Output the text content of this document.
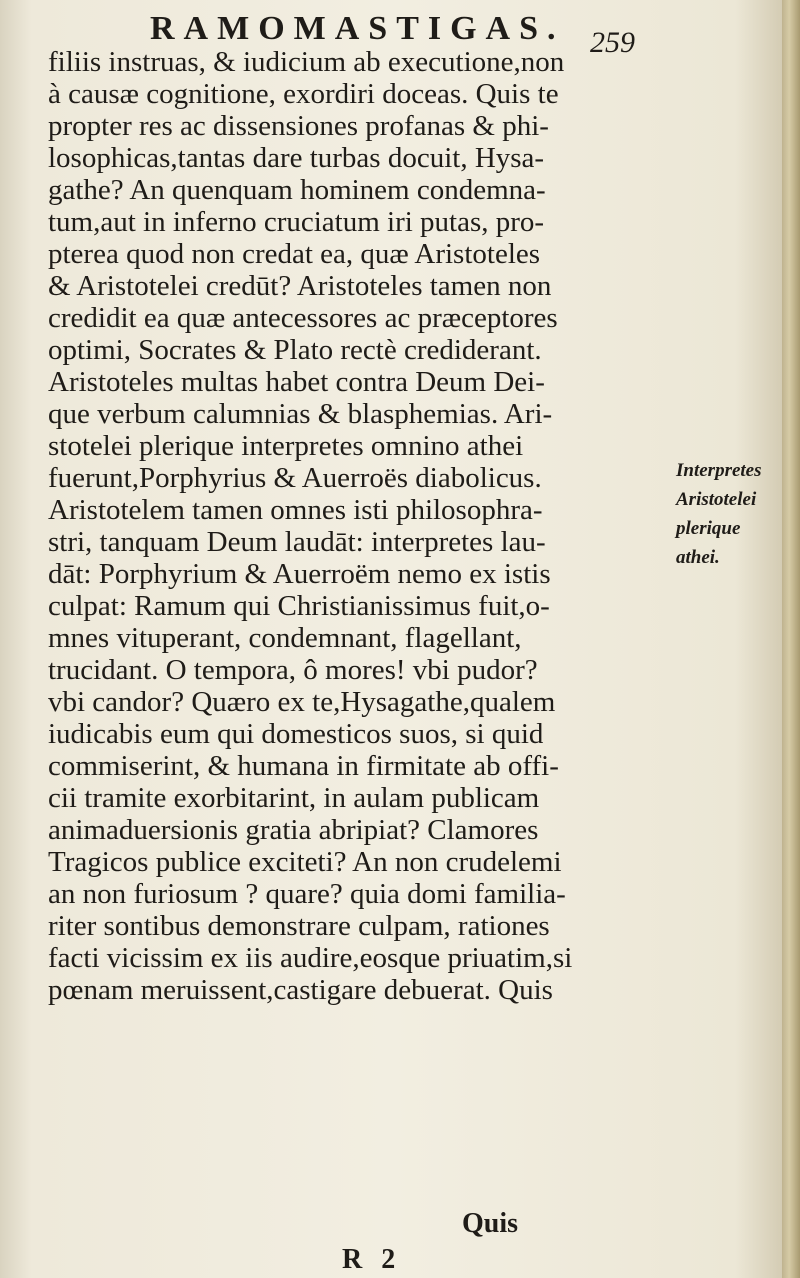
RAMOMASTIGAS. 259
filiis instruas, & iudicium ab executione,non
à causæ cognitione, exordiri doceas. Quis te
propter res ac dissensiones profanas & phi-
losophicas,tantas dare turbas docuit, Hysa-
gathe? An quenquam hominem condemna-
tum,aut in inferno cruciatum iri putas, pro-
pterea quod non credat ea, quæ Aristoteles
& Aristotelei credūt? Aristoteles tamen non
credidit ea quæ antecessores ac præceptores
optimi, Socrates & Plato rectè crediderant.
Aristoteles multas habet contra Deum Dei-
que verbum calumnias & blasphemias. Ari-
stotelei plerique interpretes omnino athei
fuerunt,Porphyrius & Auerroës diabolicus.
Aristotelem tamen omnes isti philosophra-
stri, tanquam Deum laudāt: interpretes lau-
dāt: Porphyrium & Auerroëm nemo ex istis
culpat: Ramum qui Christianissimus fuit,o-
mnes vituperant, condemnant, flagellant,
trucidant. O tempora, ô mores! vbi pudor?
vbi candor? Quæro ex te,Hysagathe,qualem
iudicabis eum qui domesticos suos, si quid
commiserint, & humana in firmitate ab offi-
cii tramite exorbitarint, in aulam publicam
animaduersionis gratia abripiat? Clamores
Tragicos publice exciteti? An non crudelemi
an non furiosum ? quare? quia domi familia-
riter sontibus demonstrare culpam, rationes
facti vicissim ex iis audire,eosque priuatim,si
pœnam meruissent,castigare debuerat. Quis
Interpretes
Aristotelei
plerique
athei.
Quis
R 2
